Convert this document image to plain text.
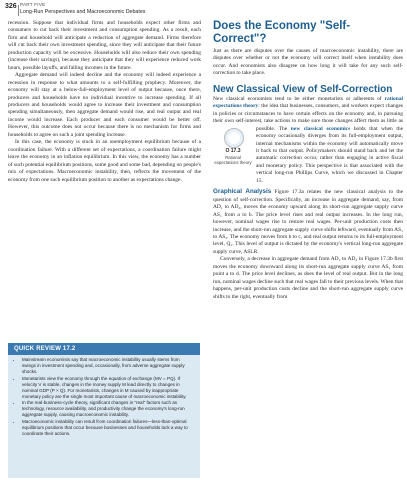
326 PART FIVE
Long-Run Perspectives and Macroeconomic Debates

recession. Suppose that individual firms and households expect other firms and consumers to cut back their investment and consumption spending. As a result, each firm and household will anticipate a reduction of aggregate demand. Firms therefore will cut back their own investment spending, since they will anticipate that their future production capacity will be excessive. Households will also reduce their own spending (increase their savings), because they anticipate that they will experience reduced work hours, possible layoffs, and falling incomes in the future.

Aggregate demand will indeed decline and the economy will indeed experience a recession in response to what amounts to a self-fulfilling prophecy. Moreover, the economy will stay at a below-full-employment level of output because, once there, producers and households have no individual incentive to increase spending. If all producers and households would agree to increase their investment and consumption spending simultaneously, then aggregate demand would rise, and real output and real income would increase. Each producer and each consumer would be better off. However, this outcome does not occur because there is no mechanism for firms and households to agree on such a joint spending increase.

In this case, the economy is stuck in an unemployment equilibrium because of a coordination failure. With a different set of expectations, a coordination failure might leave the economy in an inflation equilibrium. In this view, the economy has a number of such potential equilibrium positions, some good and some bad, depending on people's mix of expectations. Macroeconomic instability, then, reflects the movement of the economy from one such equilibrium position to another as expectations change.

QUICK REVIEW 17.2
• Mainstream economists say that macroeconomic instability usually stems from swings in investment spending and, occasionally, from adverse aggregate supply shocks.
• Monetarists view the economy through the equation of exchange (MV = PQ). If velocity V is stable, changes in the money supply M lead directly to changes in nominal GDP (P × Q). For monetarists, changes in M caused by inappropriate monetary policy are the single most important cause of macroeconomic instability.
• In the real-business-cycle theory, significant changes in "real" factors such as technology, resource availability, and productivity change the economy's long-run aggregate supply, causing macroeconomic instability.
• Macroeconomic instability can result from coordination failures—less-than-optimal equilibrium positions that occur because businesses and households lack a way to coordinate their actions.
Does the Economy "Self-Correct"?

Just as there are disputes over the causes of macroeconomic instability, there are disputes over whether or not the economy will correct itself when instability does occur. And economists also disagree on how long it will take for any such self-correction to take place.

New Classical View of Self-Correction

New classical economists tend to be either monetarists or adherents of rational expectations theory: the idea that businesses, consumers, and workers expect changes in policies or circumstances to have certain effects on the economy and, in pursuing their own self-interest, take actions to make sure those changes affect them as little as possible. The new classical economics
O 17.3
Rational expectations theory
holds that when the economy occasionally diverges from its full-employment output, internal mechanisms within the economy will automatically move it back to that output. Policymakers should stand back and let the automatic correction occur, rather than engaging in active fiscal and monetary policy. This perspective is that associated with the vertical long-run Phillips Curve, which we discussed in Chapter 15.

Graphical Analysis Figure 17.3a relates the new classical analysis to the question of self-correction. Specifically, an increase in aggregate demand, say, from AD₁ to AD₂, moves the economy upward along its short-run aggregate supply curve AS₁ from a to b. The price level rises and real output increases. In the long run, however, nominal wages rise to restore real wages. Per-unit production costs then increase, and the short-run aggregate supply curve shifts leftward, eventually from AS₁ to AS₂. The economy moves from b to c, and real output returns to its full-employment level, Q₁. This level of output is dictated by the economy's vertical long-run aggregate supply curve, ASLR.

Conversely, a decrease in aggregate demand from AD₁ to AD₃ in Figure 17.3b first moves the economy downward along its short-run aggregate supply curve AS₁ from point a to d. The price level declines, as does the level of real output. But in the long run, nominal wages decline such that real wages fall to their previous levels. When that happens, per-unit production costs decline and the short-run aggregate supply curve shifts to the right, eventually from
